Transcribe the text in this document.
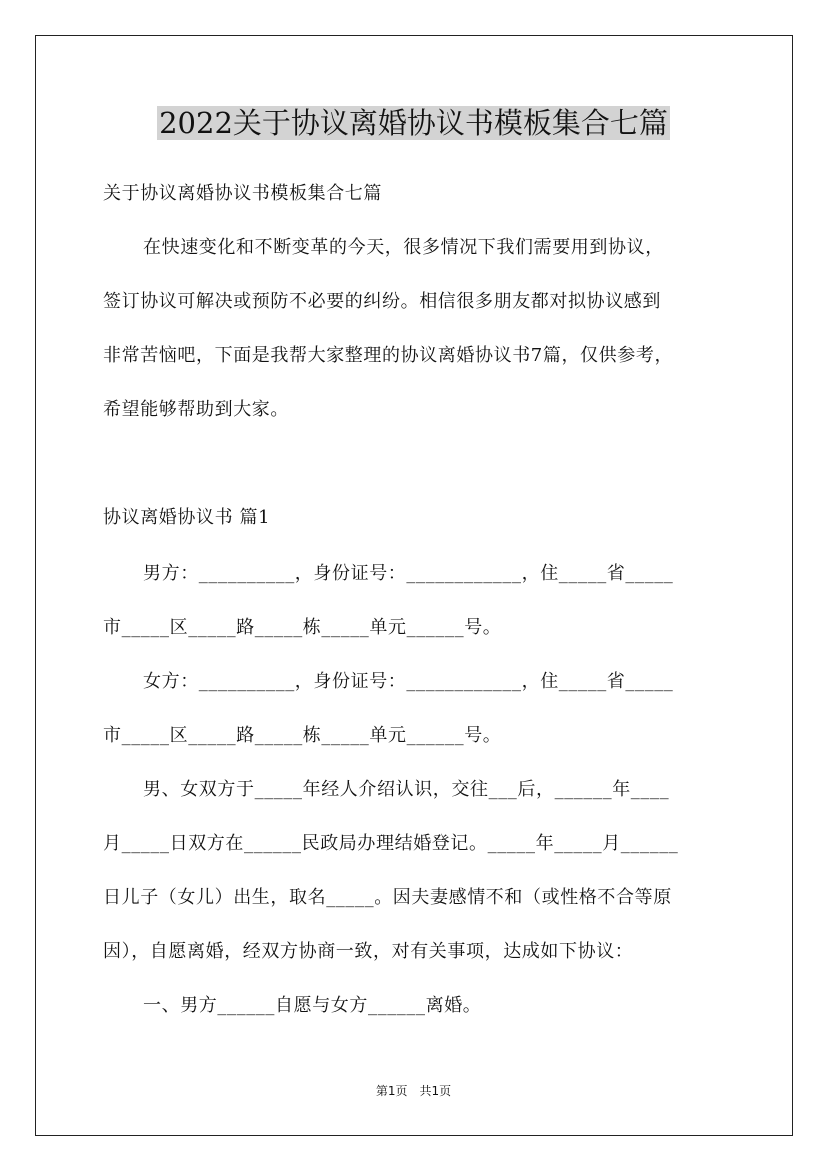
2022关于协议离婚协议书模板集合七篇

关于协议离婚协议书模板集合七篇

在快速变化和不断变革的今天，很多情况下我们需要用到协议，

签订协议可解决或预防不必要的纠纷。相信很多朋友都对拟协议感到

非常苦恼吧，下面是我帮大家整理的协议离婚协议书7篇，仅供参考，

希望能够帮助到大家。

协议离婚协议书 篇1

男方：__________，身份证号：____________，住_____省_____

市_____区_____路_____栋_____单元______号。

女方：__________，身份证号：____________，住_____省_____

市_____区_____路_____栋_____单元______号。

男、女双方于_____年经人介绍认识，交往___后，______年____

月_____日双方在______民政局办理结婚登记。_____年_____月______

日儿子（女儿）出生，取名_____。因夫妻感情不和（或性格不合等原

因），自愿离婚，经双方协商一致，对有关事项，达成如下协议：

一、男方______自愿与女方______离婚。

第1页　共1页
